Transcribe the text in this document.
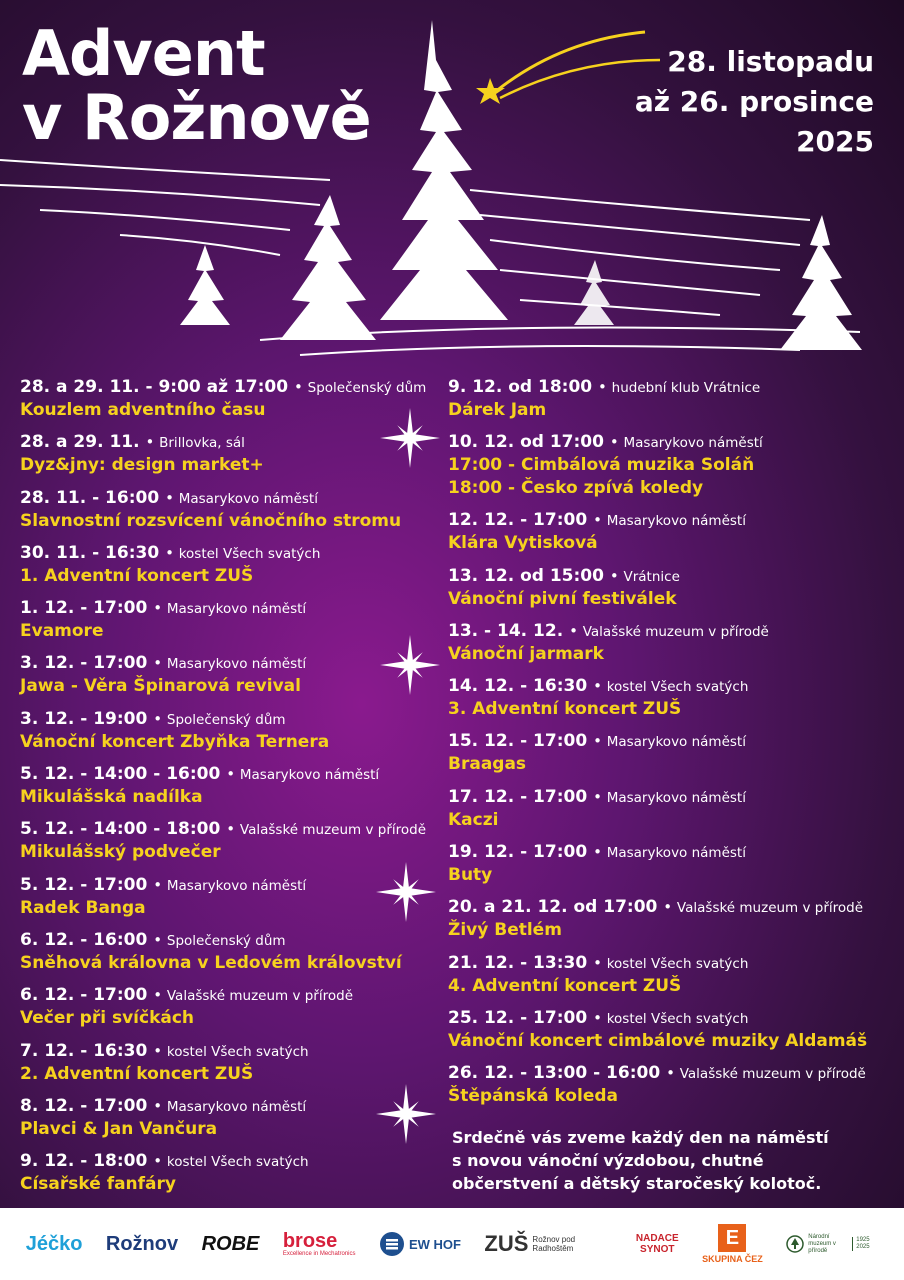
Advent
v Rožnově
28. listopadu
až 26. prosince
2025
28. a 29. 11. - 9:00 až 17:00 • Společenský dům
Kouzlem adventního času
28. a 29. 11. • Brillovka, sál
Dyz&jny: design market+
28. 11. - 16:00 • Masarykovo náměstí
Slavnostní rozsvícení vánočního stromu
30. 11. - 16:30 • kostel Všech svatých
1. Adventní koncert ZUŠ
1. 12. - 17:00 • Masarykovo náměstí
Evamore
3. 12. - 17:00 • Masarykovo náměstí
Jawa - Věra Špinarová revival
3. 12. - 19:00 • Společenský dům
Vánoční koncert Zbyňka Ternera
5. 12. - 14:00 - 16:00 • Masarykovo náměstí
Mikulášská nadílka
5. 12. - 14:00 - 18:00 • Valašské muzeum v přírodě
Mikulášský podvečer
5. 12. - 17:00 • Masarykovo náměstí
Radek Banga
6. 12. - 16:00 • Společenský dům
Sněhová královna v Ledovém království
6. 12. - 17:00 • Valašské muzeum v přírodě
Večer při svíčkách
7. 12. - 16:30 • kostel Všech svatých
2. Adventní koncert ZUŠ
8. 12. - 17:00 • Masarykovo náměstí
Plavci & Jan Vančura
9. 12. - 18:00 • kostel Všech svatých
Císařské fanfáry
9. 12. od 18:00 • hudební klub Vrátnice
Dárek Jam
10. 12. od 17:00 • Masarykovo náměstí
17:00 - Cimbálová muzika Soláň
18:00 - Česko zpívá koledy
12. 12. - 17:00 • Masarykovo náměstí
Klára Vytisková
13. 12. od 15:00 • Vrátnice
Vánoční pivní festiválek
13. - 14. 12. • Valašské muzeum v přírodě
Vánoční jarmark
14. 12. - 16:30 • kostel Všech svatých
3. Adventní koncert ZUŠ
15. 12. - 17:00 • Masarykovo náměstí
Braagas
17. 12. - 17:00 • Masarykovo náměstí
Kaczi
19. 12. - 17:00 • Masarykovo náměstí
Buty
20. a 21. 12. od 17:00 • Valašské muzeum v přírodě
Živý Betlém
21. 12. - 13:30 • kostel Všech svatých
4. Adventní koncert ZUŠ
25. 12. - 17:00 • kostel Všech svatých
Vánoční koncert cimbálové muziky Aldamáš
26. 12. - 13:00 - 16:00 • Valašské muzeum v přírodě
Štěpánská koleda
Srdečně vás zveme každý den na náměstí
s novou vánoční výzdobou, chutné
občerstvení a dětský staročeský kolotoč.
Jéčko Rožnov ROBE brose
Excellence in Mechatronics
EW HOF ZUŠ Rožnov pod Radhoštěm
NADACE
SYNOT
E
SKUPINA ČEZ
Národní muzeum v přírodě
1925 2025
